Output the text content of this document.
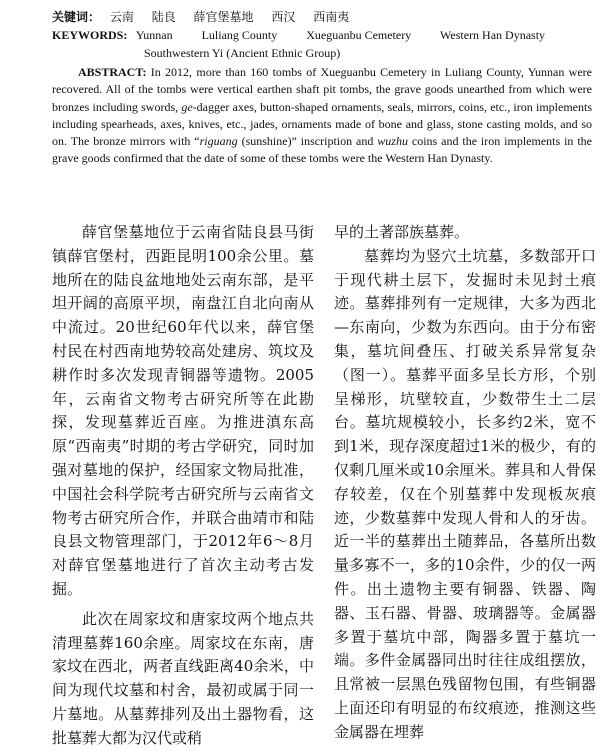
关键词： 云南 陆良 薛官堡墓地 西汉 西南夷
KEYWORDS: Yunnan Luliang County Xueguanbu Cemetery Western Han Dynasty
Southwestern Yi (Ancient Ethnic Group)
ABSTRACT: In 2012, more than 160 tombs of Xueguanbu Cemetery in Luliang County, Yunnan were recovered. All of the tombs were vertical earthen shaft pit tombs, the grave goods unearthed from which were bronzes including swords, ge-dagger axes, button-shaped ornaments, seals, mirrors, coins, etc., iron implements including spearheads, axes, knives, etc., jades, ornaments made of bone and glass, stone casting molds, and so on. The bronze mirrors with “riguang (sunshine)” inscription and wuzhu coins and the iron implements in the grave goods confirmed that the date of some of these tombs were the Western Han Dynasty.

薛官堡墓地位于云南省陆良县马街镇薛官堡村，西距昆明100余公里。墓地所在的陆良盆地地处云南东部，是平坦开阔的高原平坝，南盘江自北向南从中流过。20世纪60年代以来，薛官堡村民在村西南地势较高处建房、筑坟及耕作时多次发现青铜器等遗物。2005年，云南省文物考古研究所等在此勘探，发现墓葬近百座。为推进滇东高原“西南夷”时期的考古学研究，同时加强对墓地的保护，经国家文物局批准，中国社会科学院考古研究所与云南省文物考古研究所合作，并联合曲靖市和陆良县文物管理部门，于2012年6～8月对薛官堡墓地进行了首次主动考古发掘。

此次在周家坟和唐家坟两个地点共清理墓葬160余座。周家坟在东南，唐家坟在西北，两者直线距离40余米，中间为现代坟墓和村舍，最初或属于同一片墓地。从墓葬排列及出土器物看，这批墓葬大都为汉代或稍

早的土著部族墓葬。

墓葬均为竖穴土坑墓，多数部开口于现代耕土层下，发掘时未见封土痕迹。墓葬排列有一定规律，大多为西北—东南向，少数为东西向。由于分布密集，墓坑间叠压、打破关系异常复杂（图一）。墓葬平面多呈长方形，个别呈梯形，坑壁较直，少数带生土二层台。墓坑规模较小，长多约2米，宽不到1米，现存深度超过1米的极少，有的仅剩几厘米或10余厘米。葬具和人骨保存较差，仅在个别墓葬中发现板灰痕迹，少数墓葬中发现人骨和人的牙齿。近一半的墓葬出土随葬品，各墓所出数量多寡不一，多的10余件，少的仅一两件。出土遗物主要有铜器、铁器、陶器、玉石器、骨器、玻璃器等。金属器多置于墓坑中部，陶器多置于墓坑一端。多件金属器同出时往往成组摆放，且常被一层黑色残留物包围，有些铜器上面还印有明显的布纹痕迹，推测这些金属器在埋葬
